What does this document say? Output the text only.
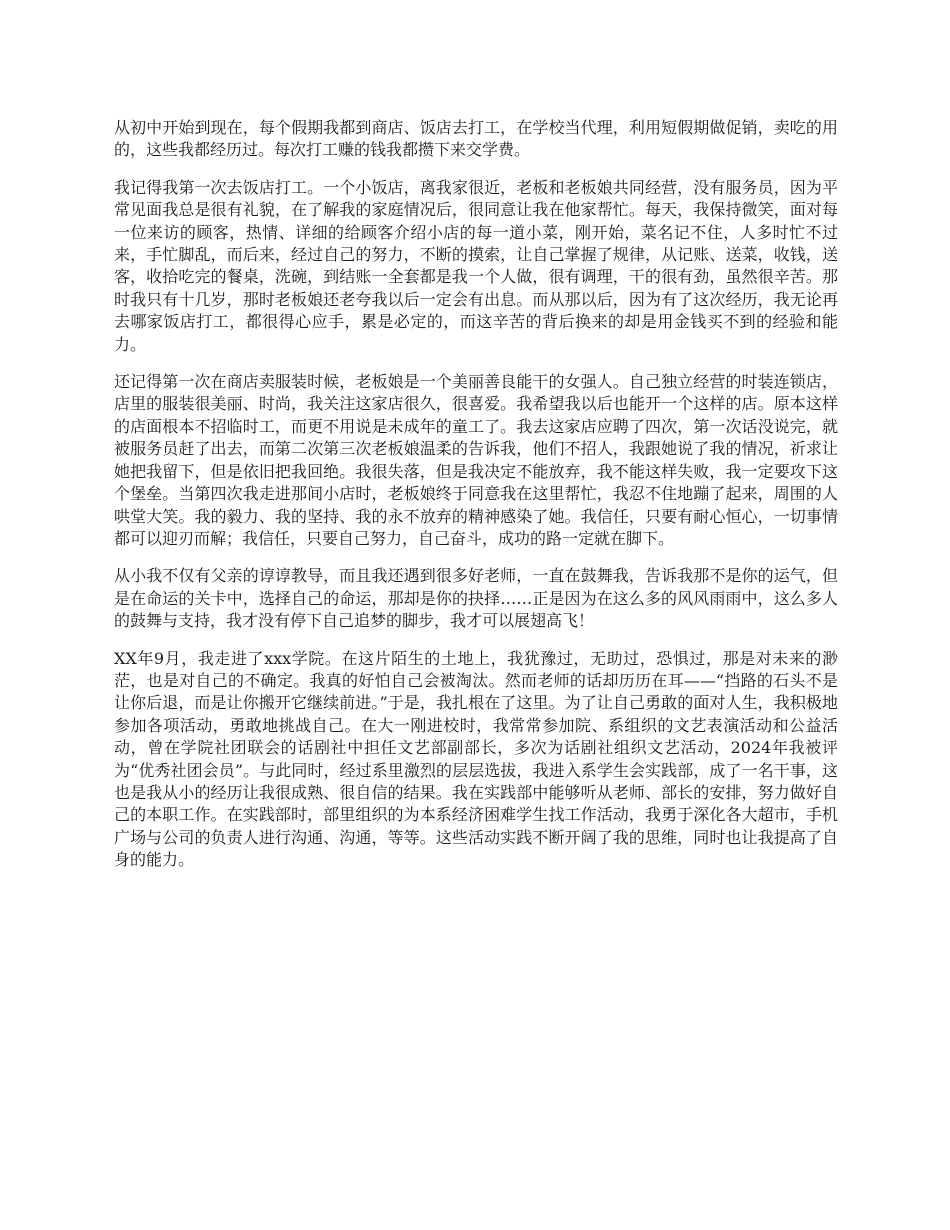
从初中开始到现在，每个假期我都到商店、饭店去打工，在学校当代理，利用短假期做促销，卖吃的用的，这些我都经历过。每次打工赚的钱我都攒下来交学费。

我记得我第一次去饭店打工。一个小饭店，离我家很近，老板和老板娘共同经营，没有服务员，因为平常见面我总是很有礼貌，在了解我的家庭情况后，很同意让我在他家帮忙。每天，我保持微笑，面对每一位来访的顾客，热情、详细的给顾客介绍小店的每一道小菜，刚开始，菜名记不住，人多时忙不过来，手忙脚乱，而后来，经过自己的努力，不断的摸索，让自己掌握了规律，从记账、送菜，收钱，送客，收拾吃完的餐桌，洗碗，到结账一全套都是我一个人做，很有调理，干的很有劲，虽然很辛苦。那时我只有十几岁，那时老板娘还老夸我以后一定会有出息。而从那以后，因为有了这次经历，我无论再去哪家饭店打工，都很得心应手，累是必定的，而这辛苦的背后换来的却是用金钱买不到的经验和能力。

还记得第一次在商店卖服装时候，老板娘是一个美丽善良能干的女强人。自己独立经营的时装连锁店，店里的服装很美丽、时尚，我关注这家店很久，很喜爱。我希望我以后也能开一个这样的店。原本这样的店面根本不招临时工，而更不用说是未成年的童工了。我去这家店应聘了四次，第一次话没说完，就被服务员赶了出去，而第二次第三次老板娘温柔的告诉我，他们不招人，我跟她说了我的情况，祈求让她把我留下，但是依旧把我回绝。我很失落，但是我决定不能放弃，我不能这样失败，我一定要攻下这个堡垒。当第四次我走进那间小店时，老板娘终于同意我在这里帮忙，我忍不住地蹦了起来，周围的人哄堂大笑。我的毅力、我的坚持、我的永不放弃的精神感染了她。我信任，只要有耐心恒心，一切事情都可以迎刃而解；我信任，只要自己努力，自己奋斗，成功的路一定就在脚下。

从小我不仅有父亲的谆谆教导，而且我还遇到很多好老师，一直在鼓舞我，告诉我那不是你的运气，但是在命运的关卡中，选择自己的命运，那却是你的抉择……正是因为在这么多的风风雨雨中，这么多人的鼓舞与支持，我才没有停下自己追梦的脚步，我才可以展翅高飞！

XX年9月，我走进了xxx学院。在这片陌生的土地上，我犹豫过，无助过，恐惧过，那是对未来的渺茫，也是对自己的不确定。我真的好怕自己会被淘汰。然而老师的话却历历在耳——“挡路的石头不是让你后退，而是让你搬开它继续前进。”于是，我扎根在了这里。为了让自己勇敢的面对人生，我积极地参加各项活动，勇敢地挑战自己。在大一刚进校时，我常常参加院、系组织的文艺表演活动和公益活动，曾在学院社团联会的话剧社中担任文艺部副部长，多次为话剧社组织文艺活动，2024年我被评为“优秀社团会员”。与此同时，经过系里激烈的层层选拔，我进入系学生会实践部，成了一名干事，这也是我从小的经历让我很成熟、很自信的结果。我在实践部中能够听从老师、部长的安排，努力做好自己的本职工作。在实践部时，部里组织的为本系经济困难学生找工作活动，我勇于深化各大超市，手机广场与公司的负责人进行沟通、沟通，等等。这些活动实践不断开阔了我的思维，同时也让我提高了自身的能力。
